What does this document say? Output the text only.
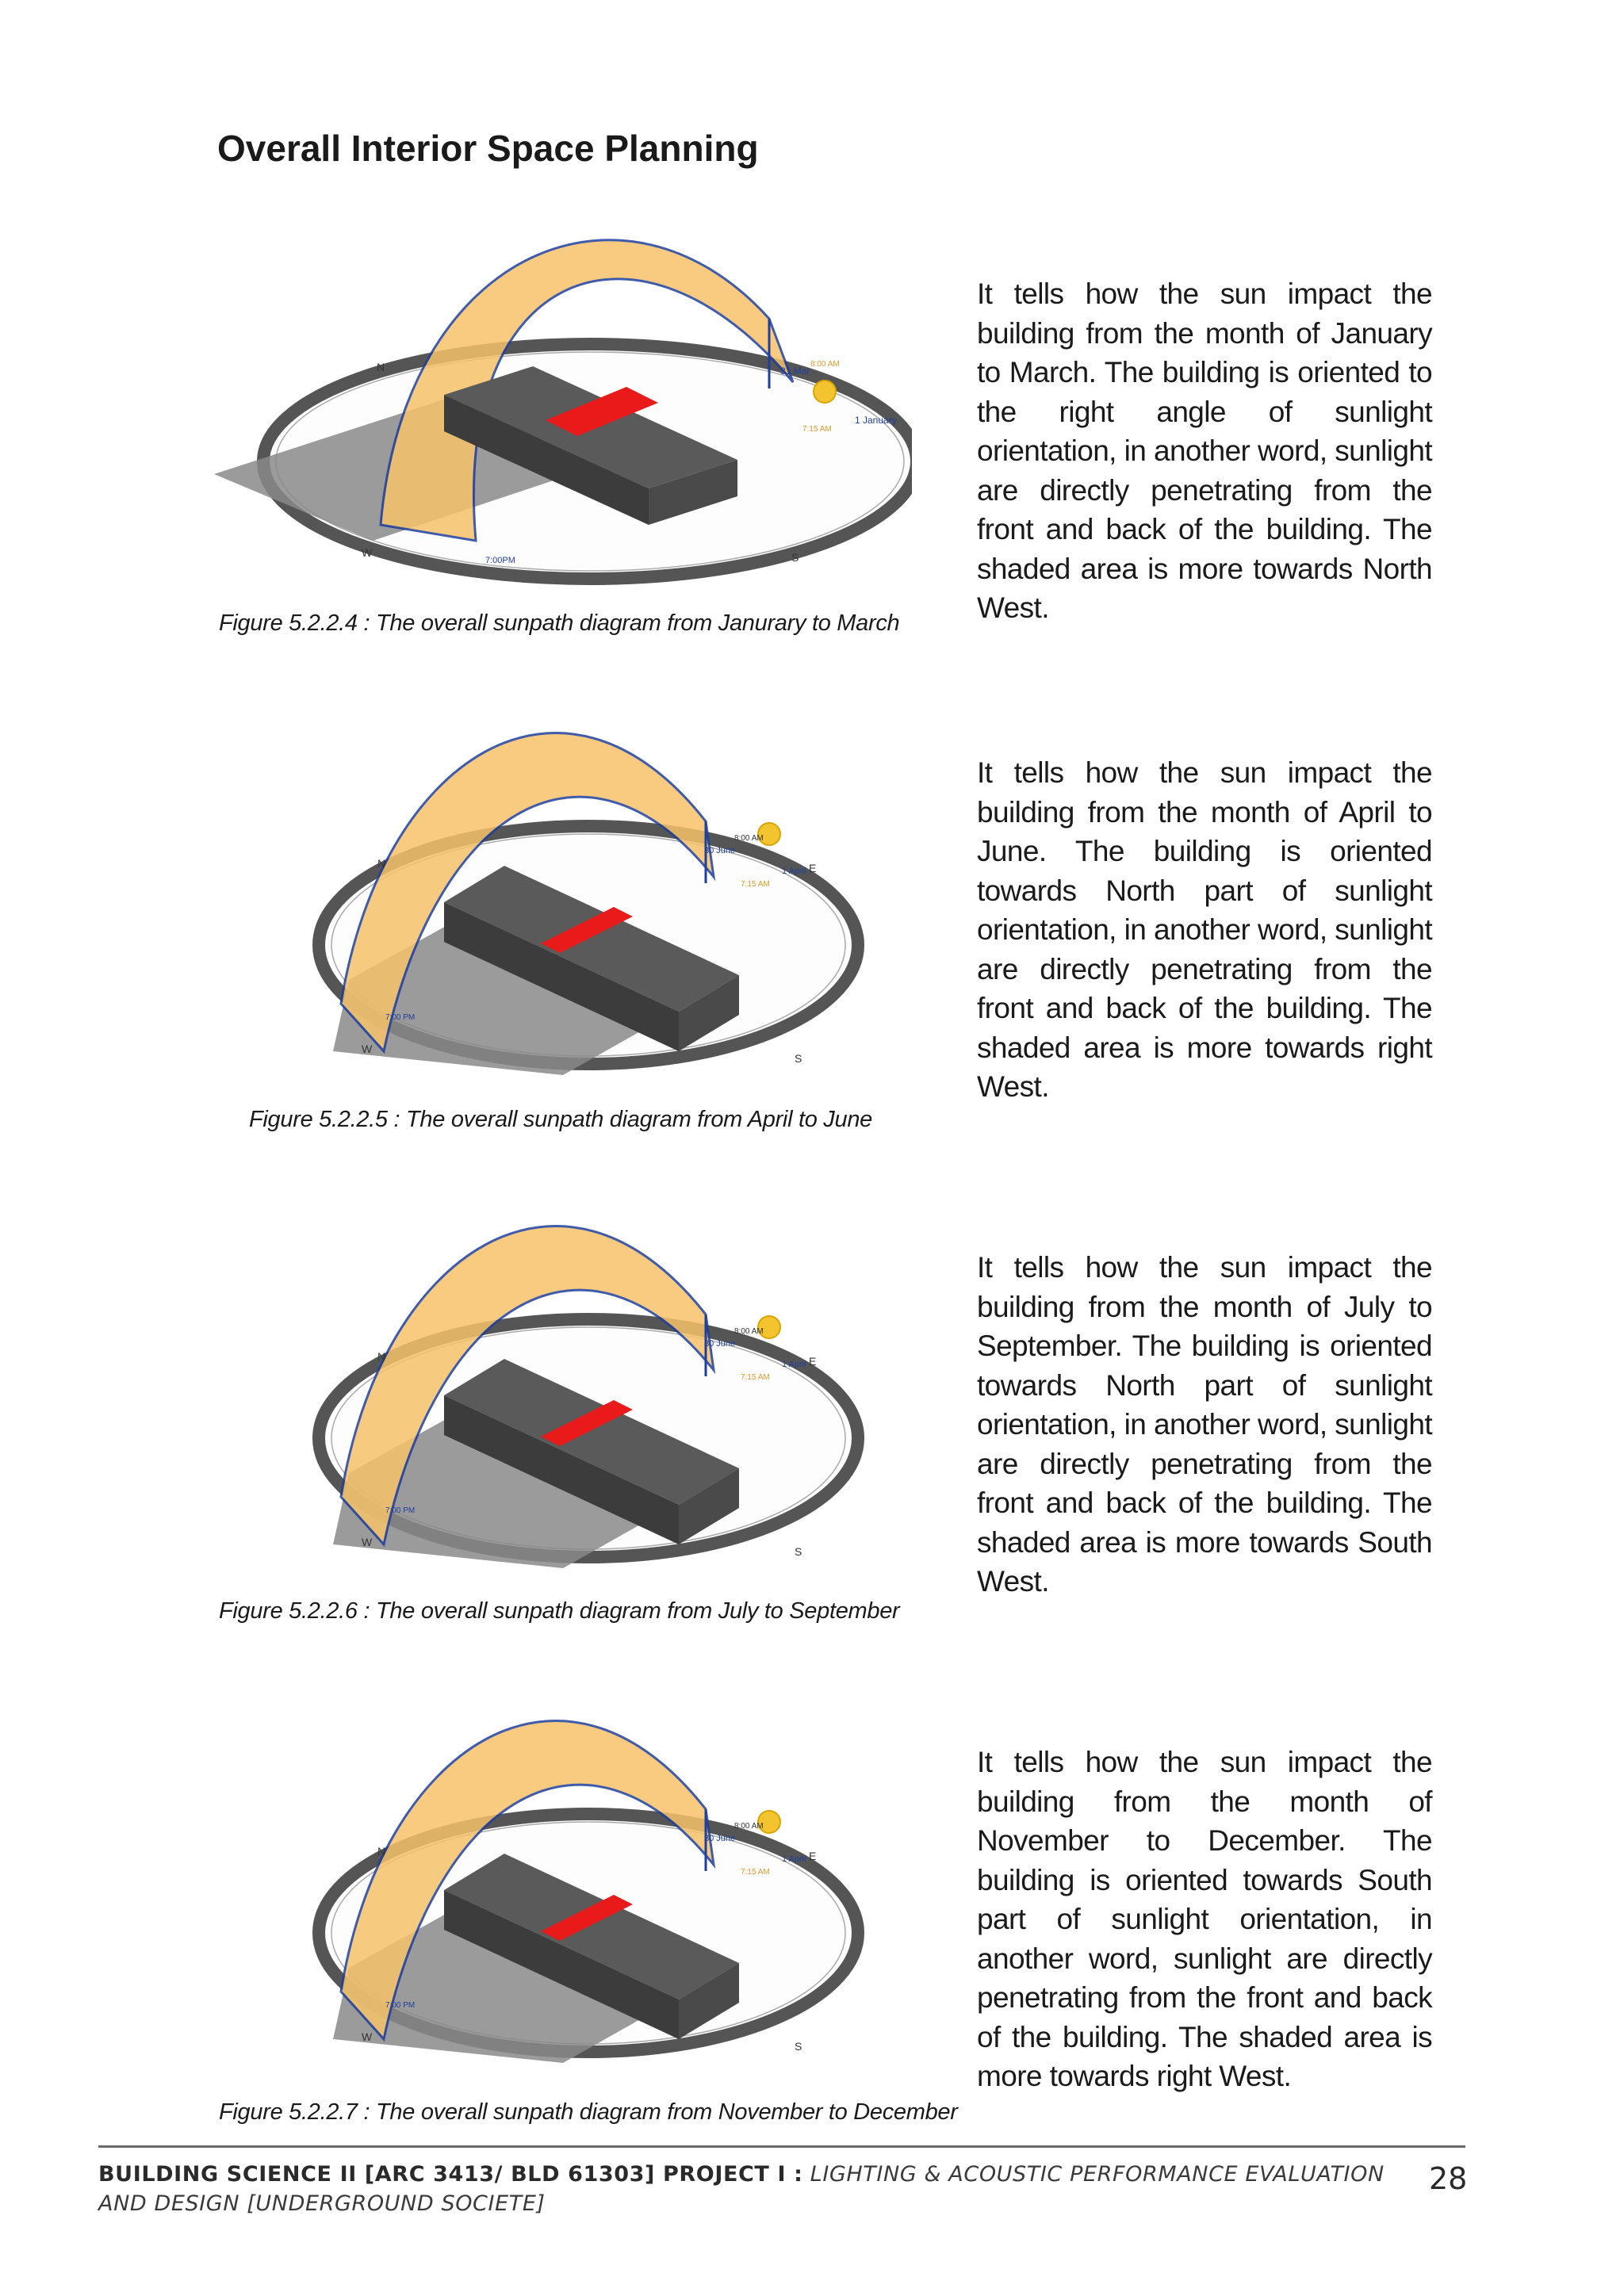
Overall Interior Space Planning
N
W	S
31 Mar
1 January
8:00 AM
7:15 AM
7:00PM
Figure 5.2.2.4 : The overall sunpath diagram from Janurary to March
It tells how the sun impact the building from the month of January to March. The building is oriented to the right angle of sunlight orientation, in another word, sunlight are directly penetrating from the front and back of the building. The shaded area is more towards North West.
N
W
S
E
30 June
1 April
8:00 AM
7:15 AM
7:00 PM
Figure 5.2.2.5 : The overall sunpath diagram from April to June
It tells how the sun impact the building from the month of April to June. The building is oriented towards North part of sunlight orientation, in another word, sunlight are directly penetrating from the front and back of the building. The shaded area is more towards right West.
N
W
S
E
30 June
1 April
8:00 AM
7:15 AM
7:00 PM
Figure 5.2.2.6 : The overall sunpath diagram from July to September
It tells how the sun impact the building from the month of July to September. The building is oriented towards North part of sunlight orientation, in another word, sunlight are directly penetrating from the front and back of the building. The shaded area is more towards South West.
N
W
S
E
30 June
1 April
8:00 AM
7:15 AM
7:00 PM
Figure 5.2.2.7 : The overall sunpath diagram from November to December
It tells how the sun impact the building from the month of November to December. The building is oriented towards South part of sunlight orientation, in another word, sunlight are directly penetrating from the front and back of the building. The shaded area is more towards right West.
BUILDING SCIENCE II [ARC 3413/ BLD 61303] PROJECT I : LIGHTING & ACOUSTIC PERFORMANCE EVALUATION AND DESIGN [UNDERGROUND SOCIETE]
28
